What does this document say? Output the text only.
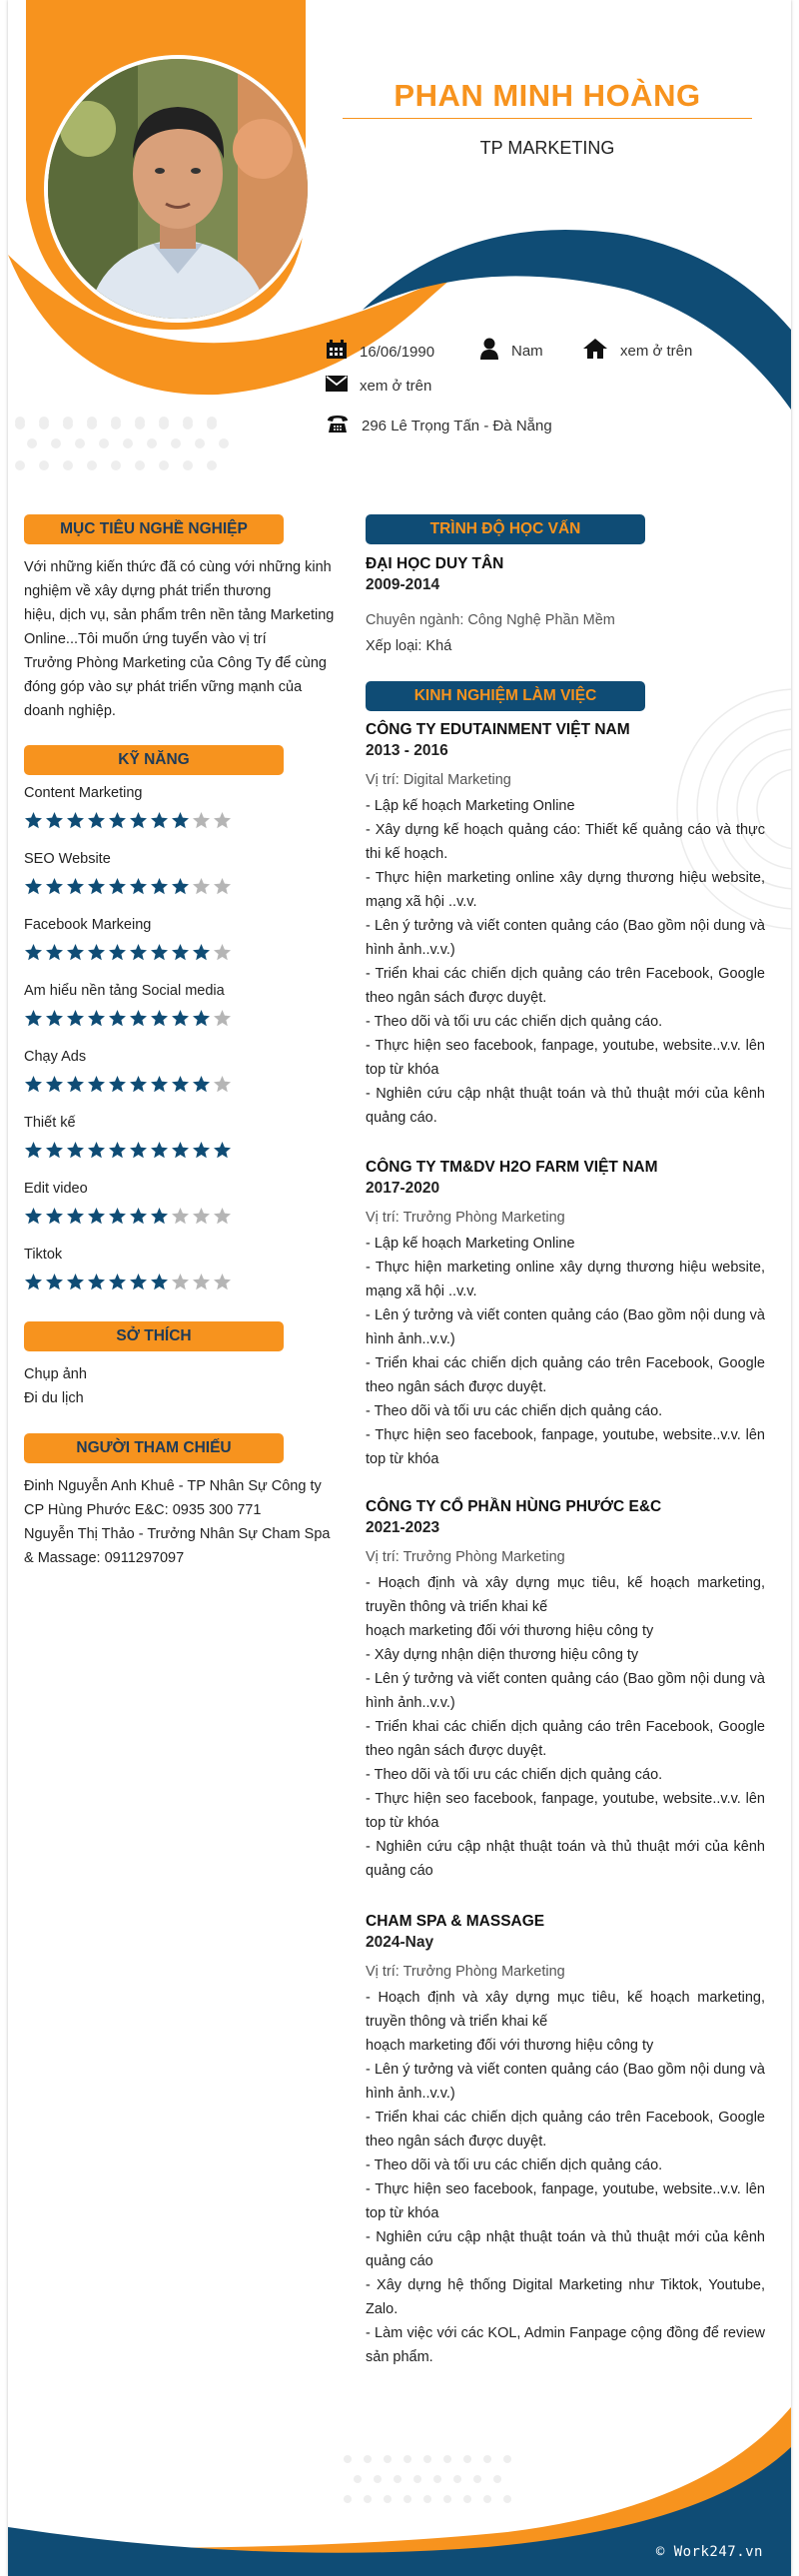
PHAN MINH HOÀNG
TP MARKETING
16/06/1990	Nam	xem ở trên
xem ở trên
296 Lê Trọng Tấn - Đà Nẵng
MỤC TIÊU NGHỀ NGHIỆP
Với những kiến thức đã có cùng với những kinh
nghiệm về xây dựng phát triển thương
hiệu, dịch vụ, sản phẩm trên nền tảng Marketing
Online...Tôi muốn ứng tuyển vào vị trí
Trưởng Phòng Marketing của Công Ty để cùng
đóng góp vào sự phát triển vững mạnh của
doanh nghiệp.
KỸ NĂNG
Content Marketing
SEO Website
Facebook Markeing
Am hiểu nền tảng Social media
Chạy Ads
Thiết kế
Edit video
Tiktok
SỞ THÍCH
Chụp ảnh
Đi du lịch
NGƯỜI THAM CHIẾU
Đinh Nguyễn Anh Khuê - TP Nhân Sự Công ty
CP Hùng Phước E&C: 0935 300 771
Nguyễn Thị Thảo - Trưởng Nhân Sự Cham Spa
& Massage: 0911297097
TRÌNH ĐỘ HỌC VẤN
ĐẠI HỌC DUY TÂN
2009-2014
Chuyên ngành: Công Nghệ Phần Mềm
Xếp loại: Khá
KINH NGHIỆM LÀM VIỆC
CÔNG TY EDUTAINMENT VIỆT NAM
2013 - 2016
Vị trí: Digital Marketing
- Lập kế hoạch Marketing Online
- Xây dựng kế hoạch quảng cáo: Thiết kế quảng cáo và thực thi kế hoạch.
- Thực hiện marketing online xây dựng thương hiệu website, mạng xã hội ..v.v.
- Lên ý tưởng và viết conten quảng cáo (Bao gồm nội dung và hình ảnh..v.v.)
- Triển khai các chiến dịch quảng cáo trên Facebook, Google theo ngân sách được duyệt.
- Theo dõi và tối ưu các chiến dịch quảng cáo.
- Thực hiện seo facebook, fanpage, youtube, website..v.v. lên top từ khóa
- Nghiên cứu cập nhật thuật toán và thủ thuật mới của kênh quảng cáo.
CÔNG TY TM&DV H2O FARM VIỆT NAM
2017-2020
Vị trí: Trưởng Phòng Marketing
- Lập kế hoạch Marketing Online
- Thực hiện marketing online xây dựng thương hiệu website, mạng xã hội ..v.v.
- Lên ý tưởng và viết conten quảng cáo (Bao gồm nội dung và hình ảnh..v.v.)
- Triển khai các chiến dịch quảng cáo trên Facebook, Google theo ngân sách được duyệt.
- Theo dõi và tối ưu các chiến dịch quảng cáo.
- Thực hiện seo facebook, fanpage, youtube, website..v.v. lên top từ khóa
CÔNG TY CỔ PHẦN HÙNG PHƯỚC E&C
2021-2023
Vị trí: Trưởng Phòng Marketing
- Hoạch định và xây dựng mục tiêu, kế hoạch marketing, truyền thông và triển khai kế
hoạch marketing đối với thương hiệu công ty
- Xây dựng nhận diện thương hiệu công ty
- Lên ý tưởng và viết conten quảng cáo (Bao gồm nội dung và hình ảnh..v.v.)
- Triển khai các chiến dịch quảng cáo trên Facebook, Google theo ngân sách được duyệt.
- Theo dõi và tối ưu các chiến dịch quảng cáo.
- Thực hiện seo facebook, fanpage, youtube, website..v.v. lên top từ khóa
- Nghiên cứu cập nhật thuật toán và thủ thuật mới của kênh quảng cáo
CHAM SPA & MASSAGE
2024-Nay
Vị trí: Trưởng Phòng Marketing
- Hoạch định và xây dựng mục tiêu, kế hoạch marketing, truyền thông và triển khai kế
hoạch marketing đối với thương hiệu công ty
- Lên ý tưởng và viết conten quảng cáo (Bao gồm nội dung và hình ảnh..v.v.)
- Triển khai các chiến dịch quảng cáo trên Facebook, Google theo ngân sách được duyệt.
- Theo dõi và tối ưu các chiến dịch quảng cáo.
- Thực hiện seo facebook, fanpage, youtube, website..v.v. lên top từ khóa
- Nghiên cứu cập nhật thuật toán và thủ thuật mới của kênh quảng cáo
- Xây dựng hệ thống Digital Marketing như Tiktok, Youtube, Zalo.
- Làm việc với các KOL, Admin Fanpage cộng đồng để review sản phẩm.
© Work247.vn
